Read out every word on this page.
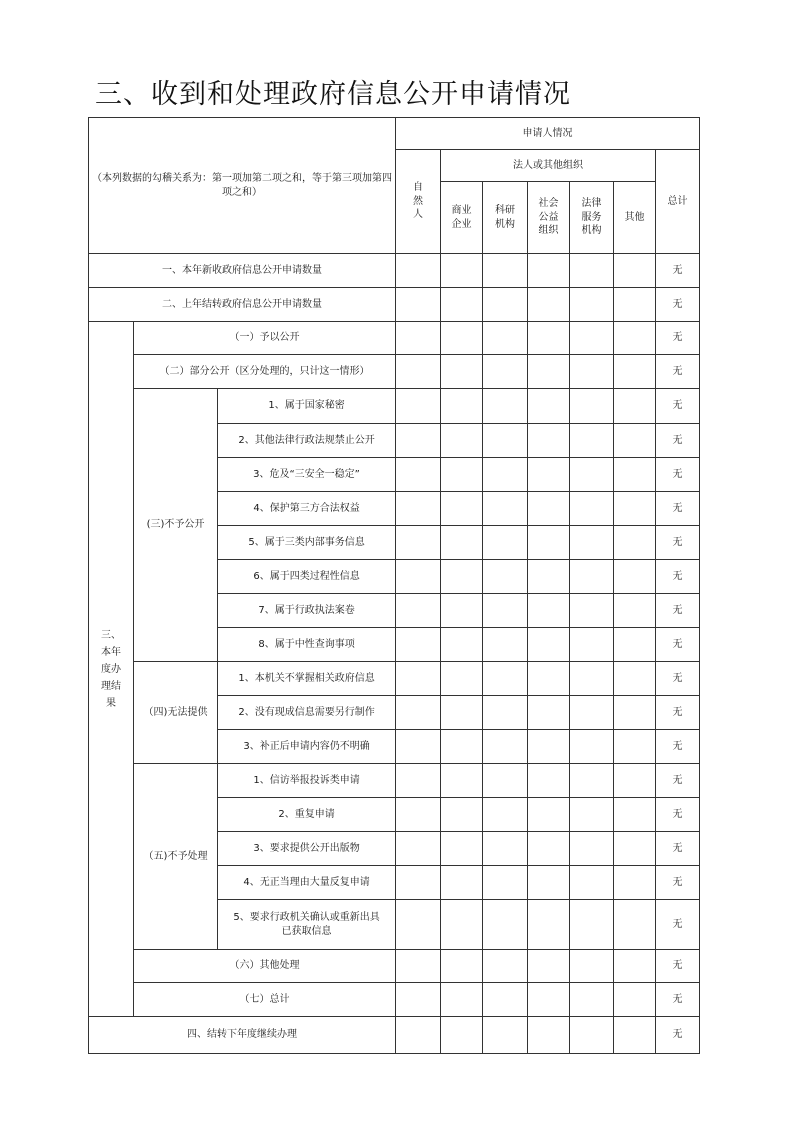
三、收到和处理政府信息公开申请情况
（本列数据的勾稽关系为：第一项加第二项之和，等于第三项加第四项之和）			申请人情况						
			自然人	法人或其他组织					总计
				商业企业	科研机构	社会公益组织	法律服务机构	其他	
一、本年新收政府信息公开申请数量									无
二、上年结转政府信息公开申请数量									无
三、本年度办理结果	（一）予以公开								无
	（二）部分公开（区分处理的，只计这一情形）								无
	(三)不予公开	1、属于国家秘密							无
		2、其他法律行政法规禁止公开							无
		3、危及“三安全一稳定”							无
		4、保护第三方合法权益							无
		5、属于三类内部事务信息							无
		6、属于四类过程性信息							无
		7、属于行政执法案卷							无
		8、属于中性查询事项							无
	（四)无法提供	1、本机关不掌握相关政府信息							无
		2、没有现成信息需要另行制作							无
		3、补正后申请内容仍不明确							无
	（五)不予处理	1、信访举报投诉类申请							无
		2、重复申请							无
		3、要求提供公开出版物							无
		4、无正当理由大量反复申请							无
		5、要求行政机关确认或重新出具已获取信息							无
	（六）其他处理								无
	（七）总计								无
四、结转下年度继续办理									无
